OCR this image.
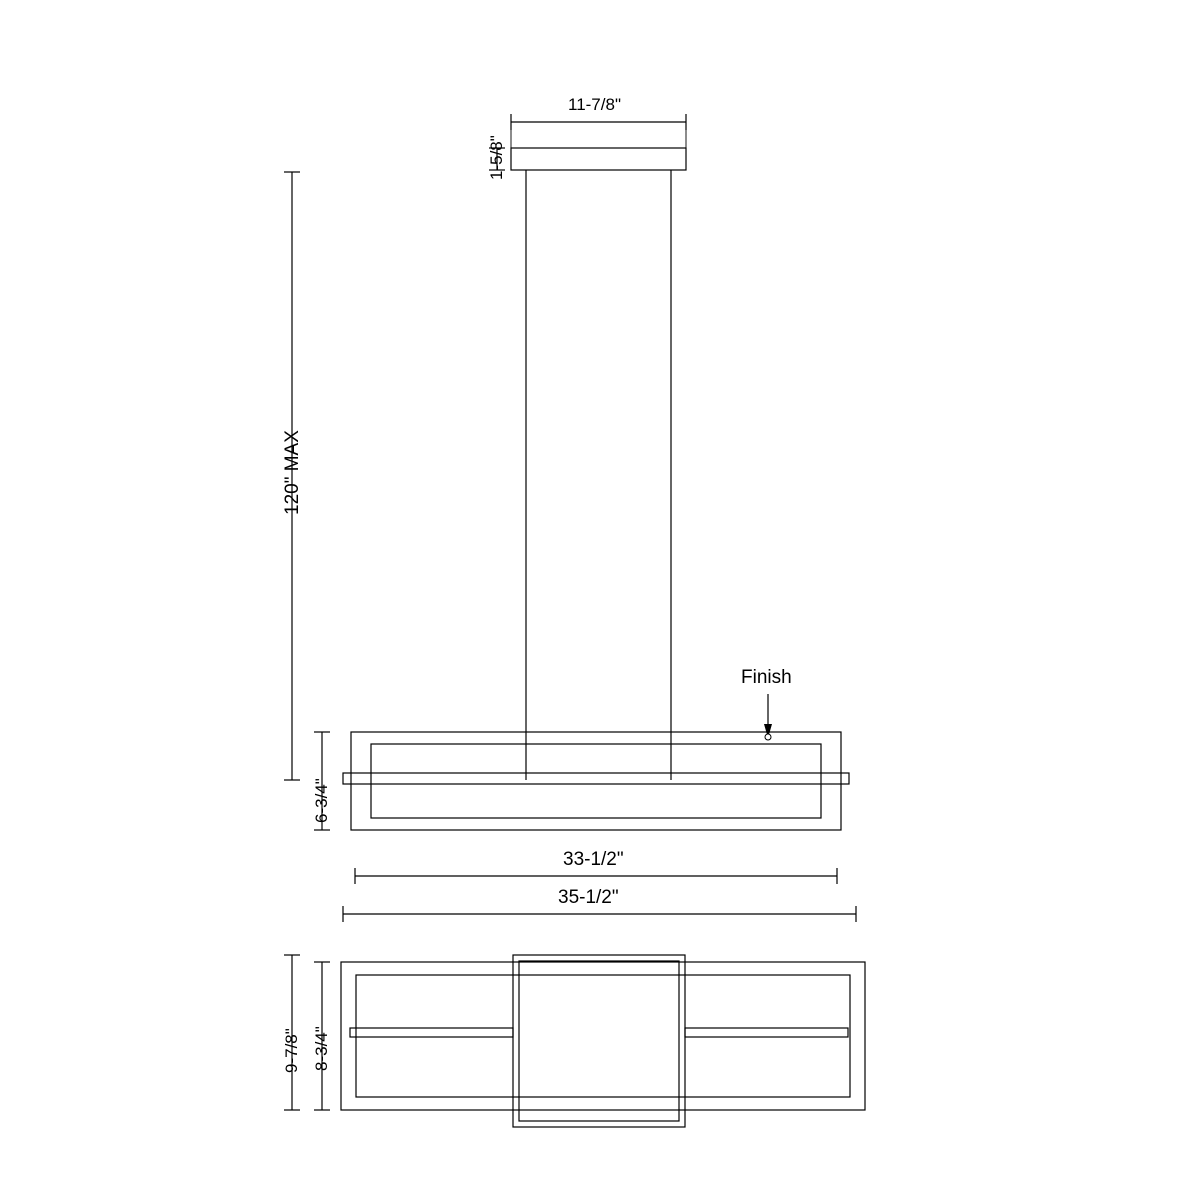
11-7/8"
1-5/8"
120" MAX
6-3/4"
Finish
33-1/2"
35-1/2"
9-7/8" 8-3/4"
